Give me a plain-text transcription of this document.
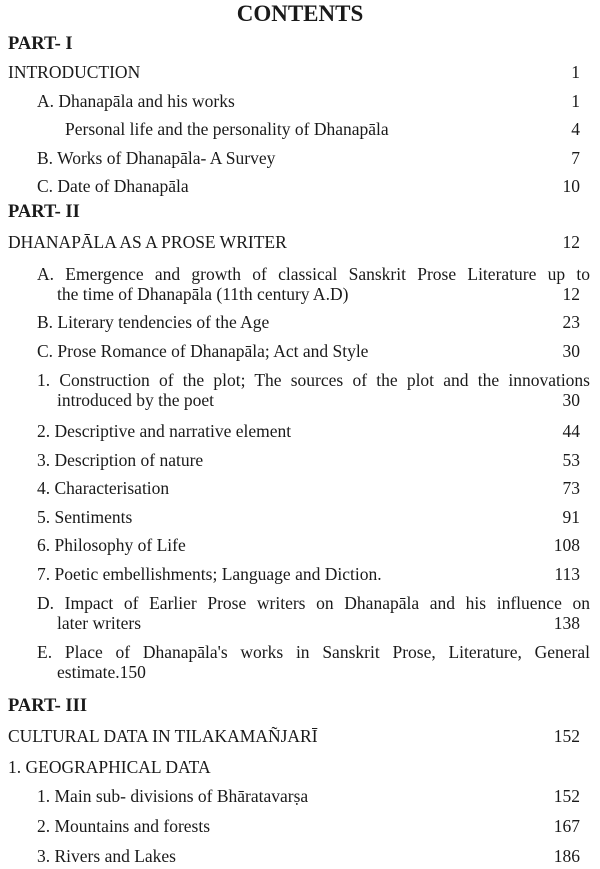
CONTENTS
PART- I
INTRODUCTION	1
A. Dhanapāla and his works	1
Personal life and the personality of Dhanapāla	4
B. Works of Dhanapāla- A Survey	7
C. Date of Dhanapāla	10
PART- II
DHANAPĀLA AS A PROSE WRITER	12
A. Emergence and growth of classical Sanskrit Prose Literature up to
the time of Dhanapāla (11th century A.D)	12
B. Literary tendencies of the Age	23
C. Prose Romance of Dhanapāla; Act and Style	30
1. Construction of the plot; The sources of the plot and the innovations
introduced by the poet	30
2. Descriptive and narrative element	44
3. Description of nature	53
4. Characterisation	73
5. Sentiments	91
6. Philosophy of Life	108
7. Poetic embellishments; Language and Diction.	113
D. Impact of Earlier Prose writers on Dhanapāla and his influence on
later writers	138
E. Place of Dhanapāla's works in Sanskrit Prose, Literature, General
estimate.150
PART- III
CULTURAL DATA IN TILAKAMAÑJARĪ	152
1. GEOGRAPHICAL DATA
1. Main sub- divisions of Bhāratavarṣa	152
2. Mountains and forests	167
3. Rivers and Lakes	186
